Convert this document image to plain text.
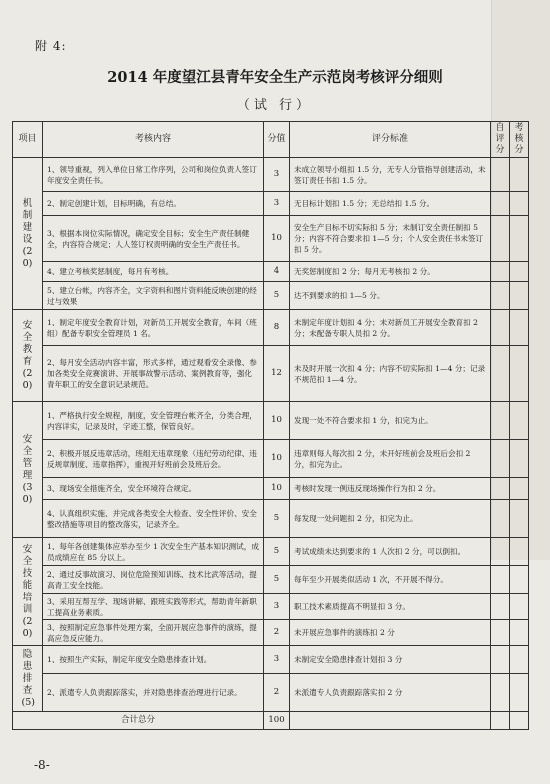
附 4:
2014 年度望江县青年安全生产示范岗考核评分细则
（试 行）
项目	考核内容	分值	评分标准	自评分	考核分

机制建设(20)	1、领导重视，列入单位日常工作序列，公司和岗位负责人签订年度安全责任书。	3	未成立领导小组扣 1.5 分，无专人分管指导创建活动，未签订责任书扣 1.5 分。		
	2、制定创建计划，目标明确，有总结。	3	无目标计划扣 1.5 分；无总结扣 1.5 分。		
	3、根据本岗位实际情况，确定安全目标；安全生产责任制健全，内容符合规定；人人签订权责明确的安全生产责任书。	10	安全生产目标不切实际扣 5 分；未制订安全责任制扣 5 分；内容不符合要求扣 1—5 分；个人安全责任书未签订扣 5 分。		
	4、建立考核奖惩制度，每月有考核。	4	无奖惩制度扣 2 分；每月无考核扣 2 分。		
	5、建立台帐，内容齐全，文字资料和图片资料能反映创建的经过与效果	5	达不到要求的扣 1—5 分。		

安全教育(20)	1、制定年度安全教育计划，对新员工开展安全教育，车间（班组）配备专职安全管理员 1 名。	8	未制定年度计划扣 4 分；未对新员工开展安全教育扣 2 分；未配备专职人员扣 2 分。		
	2、每月安全活动内容丰富，形式多样，通过观看安全录像、参加各类安全竞赛演讲、开展事故警示活动、案例教育等，强化青年职工的安全意识记录规范。	12	未及时开展一次扣 4 分；内容不切实际扣 1—4 分；记录不规范扣 1—4 分。		

安全管理(30)	1、严格执行安全规程，制度，安全管理台帐齐全，分类合理，内容详实，记录及时，字迹工整，保管良好。	10	发现一处不符合要求扣 1 分，扣完为止。		
	2、积极开展反违章活动，班组无违章现象（违纪劳动纪律、违反规章制度、违章指挥），重视开好班前会及班后会。	10	违章则每人每次扣 2 分，未开好班前会及班后会扣 2 分，扣完为止。		
	3、现场安全措施齐全，安全环境符合规定。	10	考核时发现一例违反现场操作行为扣 2 分。		
	4、认真组织实施、并完成各类安全大检查、安全性评价、安全整改措施等项目的整改落实，记录齐全。	5	每发现一处问题扣 2 分，扣完为止。		

安全技能培训(20)	1、每年各创建集体应举办至少 1 次安全生产基本知识测试，成员成绩应在 85 分以上。	5	考试成绩未达到要求的 1 人次扣 2 分，可以倒扣。		
	2、通过反事故演习、岗位危险预知训练、技术比武等活动，提高青工安全技能。	5	每年至少开展类似活动 1 次，不开展不得分。		
	3、采用互帮互学、现场讲解、跟班实践等形式，帮助青年新职工提高业务素质。	3	职工技术素质提高不明显扣 3 分。		
	3、按照制定应急事件处理方案，全面开展应急事件的演练，提高应急反应能力。	2	未开展应急事件的演练扣 2 分		

隐患排查(5)	1、按照生产实际，制定年度安全隐患排查计划。	3	未制定安全隐患排查计划扣 3 分		
	2、派遣专人负责跟踪落实，并对隐患排查治理进行记录。	2	未派遣专人负责跟踪落实扣 2 分		
合计总分		100			
-8-
